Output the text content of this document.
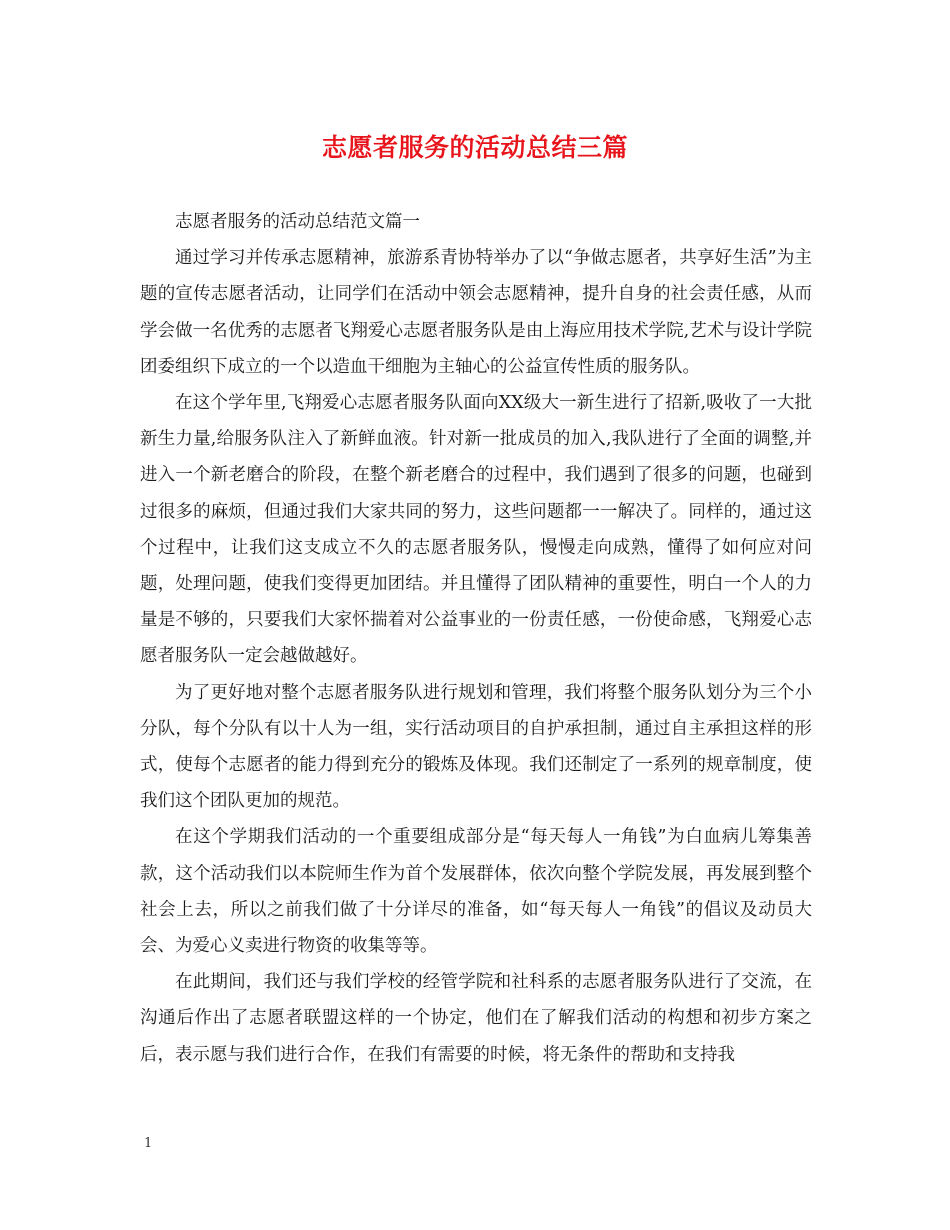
志愿者服务的活动总结三篇

志愿者服务的活动总结范文篇一

通过学习并传承志愿精神，旅游系青协特举办了以“争做志愿者，共享好生活”为主题的宣传志愿者活动，让同学们在活动中领会志愿精神，提升自身的社会责任感，从而学会做一名优秀的志愿者飞翔爱心志愿者服务队是由上海应用技术学院,艺术与设计学院团委组织下成立的一个以造血干细胞为主轴心的公益宣传性质的服务队。

在这个学年里,飞翔爱心志愿者服务队面向XX级大一新生进行了招新,吸收了一大批新生力量,给服务队注入了新鲜血液。针对新一批成员的加入,我队进行了全面的调整,并进入一个新老磨合的阶段，在整个新老磨合的过程中，我们遇到了很多的问题，也碰到过很多的麻烦，但通过我们大家共同的努力，这些问题都一一解决了。同样的，通过这个过程中，让我们这支成立不久的志愿者服务队，慢慢走向成熟，懂得了如何应对问题，处理问题，使我们变得更加团结。并且懂得了团队精神的重要性，明白一个人的力量是不够的，只要我们大家怀揣着对公益事业的一份责任感，一份使命感，飞翔爱心志愿者服务队一定会越做越好。

为了更好地对整个志愿者服务队进行规划和管理，我们将整个服务队划分为三个小分队，每个分队有以十人为一组，实行活动项目的自护承担制，通过自主承担这样的形式，使每个志愿者的能力得到充分的锻炼及体现。我们还制定了一系列的规章制度，使我们这个团队更加的规范。

在这个学期我们活动的一个重要组成部分是“每天每人一角钱”为白血病儿筹集善款，这个活动我们以本院师生作为首个发展群体，依次向整个学院发展，再发展到整个社会上去，所以之前我们做了十分详尽的准备，如“每天每人一角钱”的倡议及动员大会、为爱心义卖进行物资的收集等等。

在此期间，我们还与我们学校的经管学院和社科系的志愿者服务队进行了交流，在沟通后作出了志愿者联盟这样的一个协定，他们在了解我们活动的构想和初步方案之后，表示愿与我们进行合作，在我们有需要的时候，将无条件的帮助和支持我

1
